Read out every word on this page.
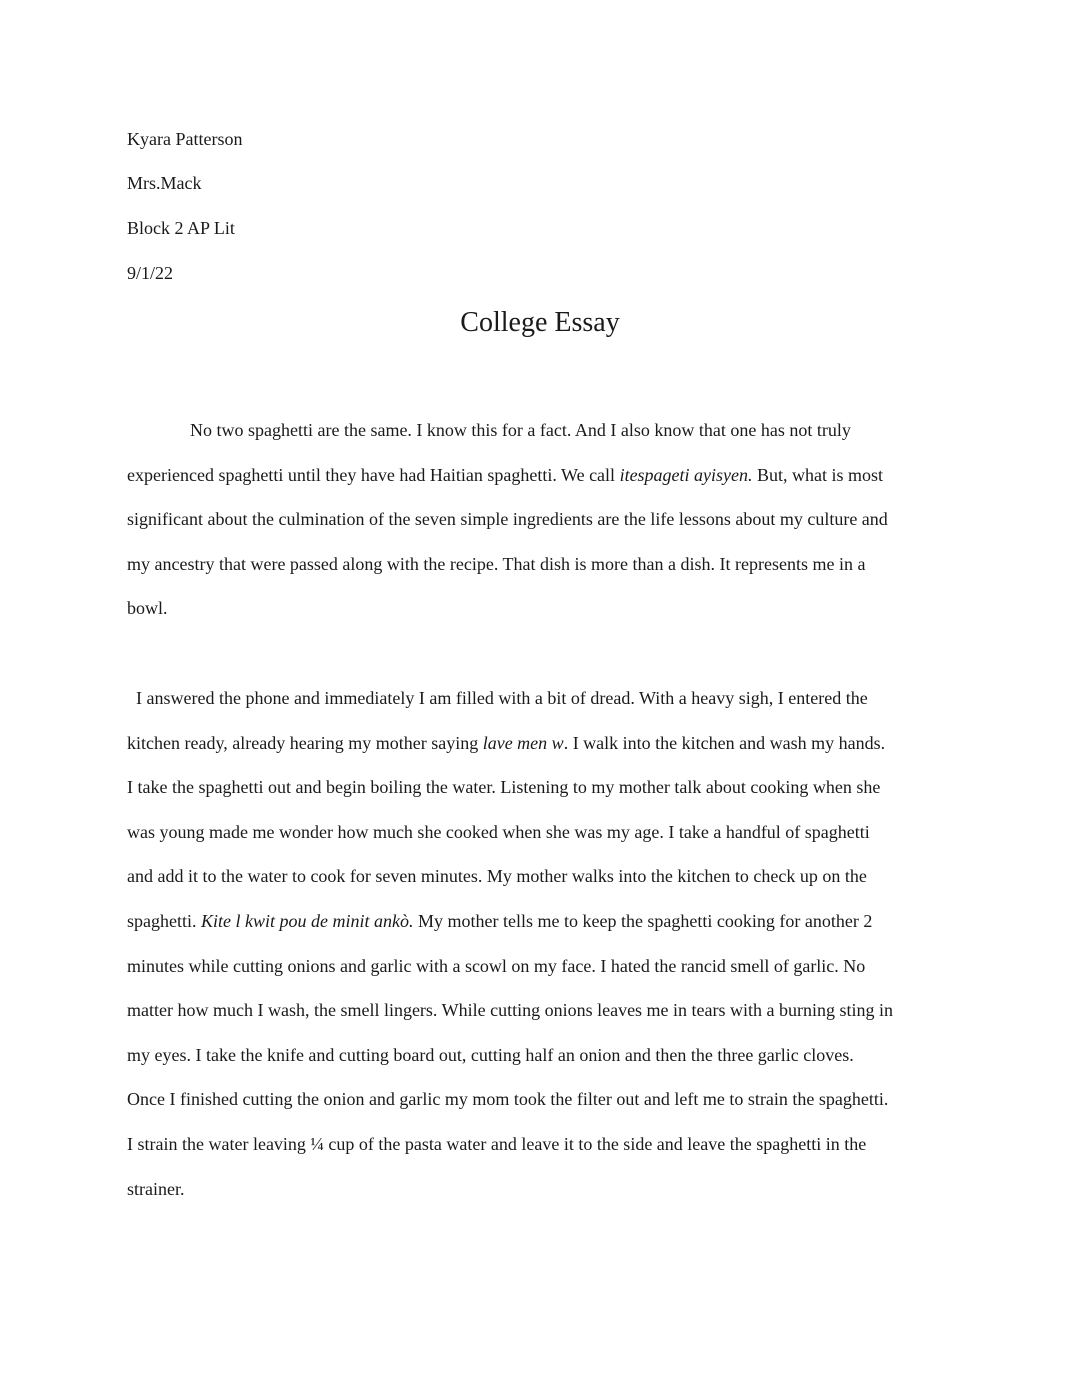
Kyara Patterson
Mrs.Mack
Block 2 AP Lit
9/1/22
College Essay
No two spaghetti are the same. I know this for a fact. And I also know that one has not truly
experienced spaghetti until they have had Haitian spaghetti. We call itespageti ayisyen. But, what is most
significant about the culmination of the seven simple ingredients are the life lessons about my culture and
my ancestry that were passed along with the recipe. That dish is more than a dish. It represents me in a
bowl.
I answered the phone and immediately I am filled with a bit of dread. With a heavy sigh, I entered the
kitchen ready, already hearing my mother saying lave men w. I walk into the kitchen and wash my hands.
I take the spaghetti out and begin boiling the water. Listening to my mother talk about cooking when she
was young made me wonder how much she cooked when she was my age. I take a handful of spaghetti
and add it to the water to cook for seven minutes. My mother walks into the kitchen to check up on the
spaghetti. Kite l kwit pou de minit ankò. My mother tells me to keep the spaghetti cooking for another 2
minutes while cutting onions and garlic with a scowl on my face. I hated the rancid smell of garlic. No
matter how much I wash, the smell lingers. While cutting onions leaves me in tears with a burning sting in
my eyes. I take the knife and cutting board out, cutting half an onion and then the three garlic cloves.
Once I finished cutting the onion and garlic my mom took the filter out and left me to strain the spaghetti.
I strain the water leaving ¼ cup of the pasta water and leave it to the side and leave the spaghetti in the
strainer.
